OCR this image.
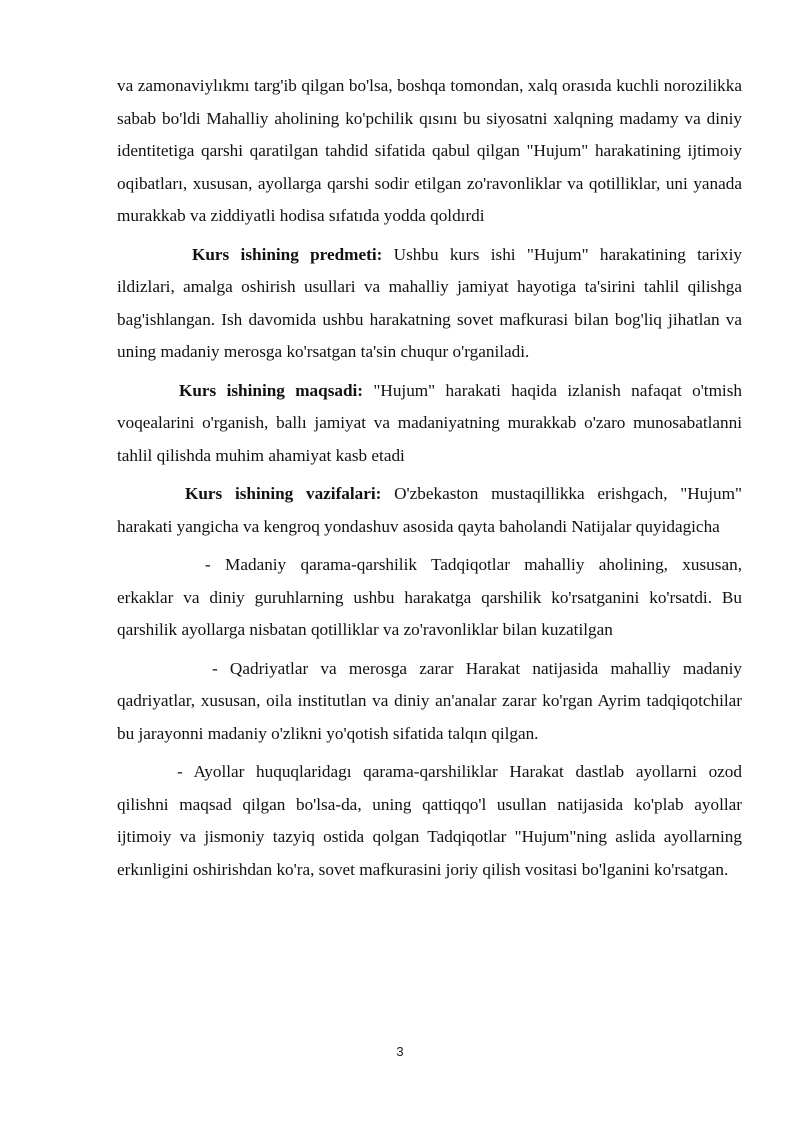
va zamonaviylıkmı targ'ib qilgan bo'lsa, boshqa tomondan, xalq orasıda kuchli norozilikka sabab bo'ldi Mahalliy aholining ko'pchilik qısını bu siyosatni xalqning madamy va diniy identitetiga qarshi qaratilgan tahdid sifatida qabul qilgan "Hujum" harakatining ijtimoiy oqibatları, xususan, ayollarga qarshi sodir etilgan zo'ravonliklar va qotilliklar, uni yanada murakkab va ziddiyatli hodisa sıfatıda yodda qoldırdi

Kurs ishining predmeti: Ushbu kurs ishi "Hujum" harakatining tarixiy ildizlari, amalga oshirish usullari va mahalliy jamiyat hayotiga ta'sirini tahlil qilishga bag'ishlangan. Ish davomida ushbu harakatning sovet mafkurasi bilan bog'liq jihatlan va uning madaniy merosga ko'rsatgan ta'sin chuqur o'rganiladi.

Kurs ishining maqsadi: "Hujum" harakati haqida izlanish nafaqat o'tmish voqealarini o'rganish, ballı jamiyat va madaniyatning murakkab o'zaro munosabatlanni tahlil qilishda muhim ahamiyat kasb etadi

Kurs ishining vazifalari: O'zbekaston mustaqillikka erishgach, "Hujum" harakati yangicha va kengroq yondashuv asosida qayta baholandi Natijalar quyidagicha

- Madaniy qarama-qarshilik Tadqiqotlar mahalliy aholining, xususan, erkaklar va diniy guruhlarning ushbu harakatga qarshilik ko'rsatganini ko'rsatdi. Bu qarshilik ayollarga nisbatan qotilliklar va zo'ravonliklar bilan kuzatilgan

- Qadriyatlar va merosga zarar Harakat natijasida mahalliy madaniy qadriyatlar, xususan, oila institutlan va diniy an'analar zarar ko'rgan Ayrim tadqiqotchilar bu jarayonni madaniy o'zlikni yo'qotish sifatida talqın qilgan.

- Ayollar huquqlaridagı qarama-qarshiliklar Harakat dastlab ayollarni ozod qilishni maqsad qilgan bo'lsa-da, uning qattiqqo'l usullan natijasida ko'plab ayollar ijtimoiy va jismoniy tazyiq ostida qolgan Tadqiqotlar "Hujum"ning aslida ayollarning erkınligini oshirishdan ko'ra, sovet mafkurasini joriy qilish vositasi bo'lganini ko'rsatgan.

3
